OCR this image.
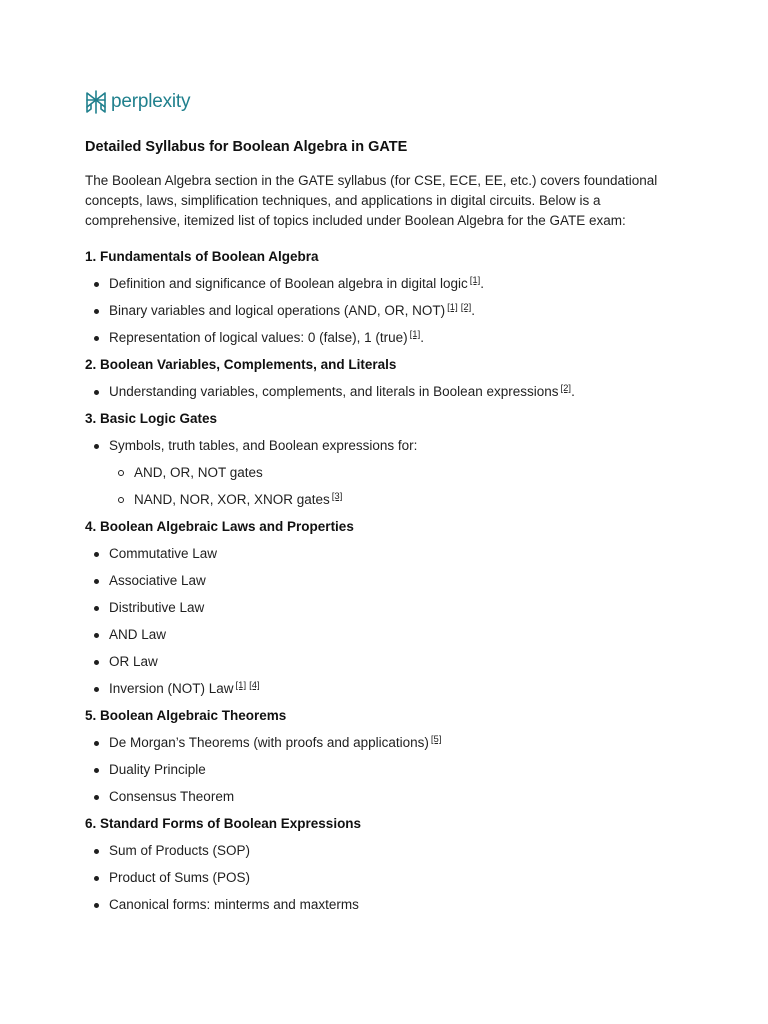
perplexity
Detailed Syllabus for Boolean Algebra in GATE

The Boolean Algebra section in the GATE syllabus (for CSE, ECE, EE, etc.) covers foundational concepts, laws, simplification techniques, and applications in digital circuits. Below is a comprehensive, itemized list of topics included under Boolean Algebra for the GATE exam:

1. Fundamentals of Boolean Algebra
Definition and significance of Boolean algebra in digital logic [1].
Binary variables and logical operations (AND, OR, NOT) [1] [2].
Representation of logical values: 0 (false), 1 (true) [1].
2. Boolean Variables, Complements, and Literals
Understanding variables, complements, and literals in Boolean expressions [2].
3. Basic Logic Gates
Symbols, truth tables, and Boolean expressions for:
AND, OR, NOT gates
NAND, NOR, XOR, XNOR gates [3]
4. Boolean Algebraic Laws and Properties
Commutative Law
Associative Law
Distributive Law
AND Law
OR Law
Inversion (NOT) Law [1] [4]
5. Boolean Algebraic Theorems
De Morgan’s Theorems (with proofs and applications) [5]
Duality Principle
Consensus Theorem
6. Standard Forms of Boolean Expressions
Sum of Products (SOP)
Product of Sums (POS)
Canonical forms: minterms and maxterms
